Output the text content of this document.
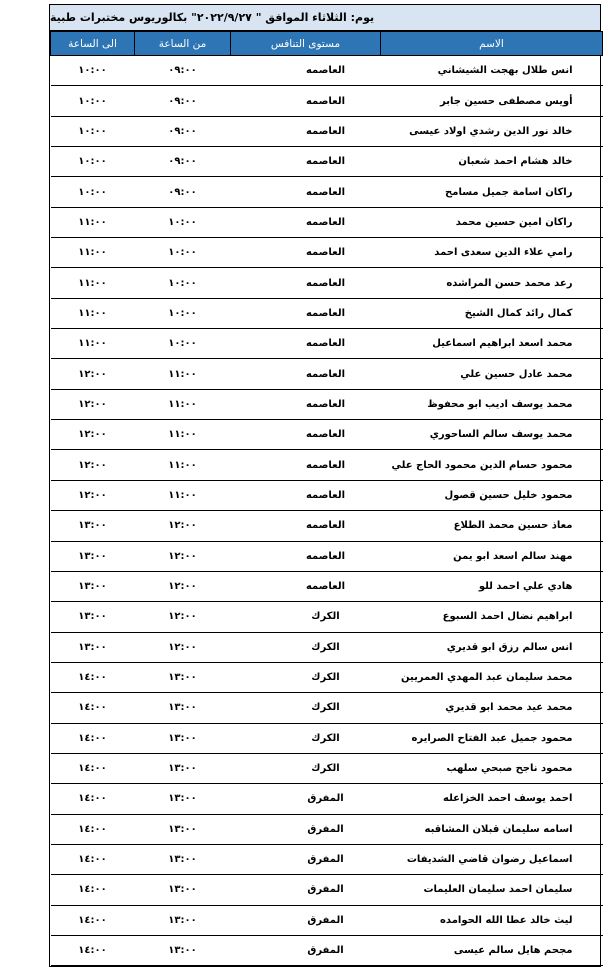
يوم: الثلاثاء الموافق " ٢٠٢٢/٩/٢٧" بكالوريوس مختبرات طبية
الاسم	مستوى التنافس	من الساعة	الى الساعة
انس طلال بهجت الشيشاني	العاصمه	٠٩:٠٠	١٠:٠٠
أويس مصطفى حسين جابر	العاصمه	٠٩:٠٠	١٠:٠٠
خالد نور الدين رشدي اولاد عيسى	العاصمه	٠٩:٠٠	١٠:٠٠
خالد هشام احمد شعبان	العاصمه	٠٩:٠٠	١٠:٠٠
راكان اسامة جميل مسامح	العاصمه	٠٩:٠٠	١٠:٠٠
راكان امين حسين محمد	العاصمه	١٠:٠٠	١١:٠٠
رامي علاء الدين سعدى احمد	العاصمه	١٠:٠٠	١١:٠٠
رعد محمد حسن المراشده	العاصمه	١٠:٠٠	١١:٠٠
كمال رائد كمال الشيخ	العاصمه	١٠:٠٠	١١:٠٠
محمد اسعد ابراهيم اسماعيل	العاصمه	١٠:٠٠	١١:٠٠
محمد عادل حسين علي	العاصمه	١١:٠٠	١٢:٠٠
محمد يوسف اديب ابو محفوظ	العاصمه	١١:٠٠	١٢:٠٠
محمد يوسف سالم الساحوري	العاصمه	١١:٠٠	١٢:٠٠
محمود حسام الدين محمود الحاج علي	العاصمه	١١:٠٠	١٢:٠٠
محمود خليل حسين قصول	العاصمه	١١:٠٠	١٢:٠٠
معاذ حسين محمد الطلاع	العاصمه	١٢:٠٠	١٣:٠٠
مهند سالم اسعد ابو يمن	العاصمه	١٢:٠٠	١٣:٠٠
هادي علي احمد للو	العاصمه	١٢:٠٠	١٣:٠٠
ابراهيم نضال احمد السبوع	الكرك	١٢:٠٠	١٣:٠٠
انس سالم رزق ابو قديري	الكرك	١٢:٠٠	١٣:٠٠
محمد سليمان عبد المهدي العمريين	الكرك	١٣:٠٠	١٤:٠٠
محمد عيد محمد ابو قديري	الكرك	١٣:٠٠	١٤:٠٠
محمود جميل عبد الفتاح الصرايره	الكرك	١٣:٠٠	١٤:٠٠
محمود ناجح صبحي سلهب	الكرك	١٣:٠٠	١٤:٠٠
احمد يوسف احمد الخزاعله	المفرق	١٣:٠٠	١٤:٠٠
اسامه سليمان قبلان المشاقبه	المفرق	١٣:٠٠	١٤:٠٠
اسماعيل رضوان قاضي الشديفات	المفرق	١٣:٠٠	١٤:٠٠
سليمان احمد سليمان العليمات	المفرق	١٣:٠٠	١٤:٠٠
ليث خالد عطا الله الحوامده	المفرق	١٣:٠٠	١٤:٠٠
مجحم هايل سالم عيسى	المفرق	١٣:٠٠	١٤:٠٠
